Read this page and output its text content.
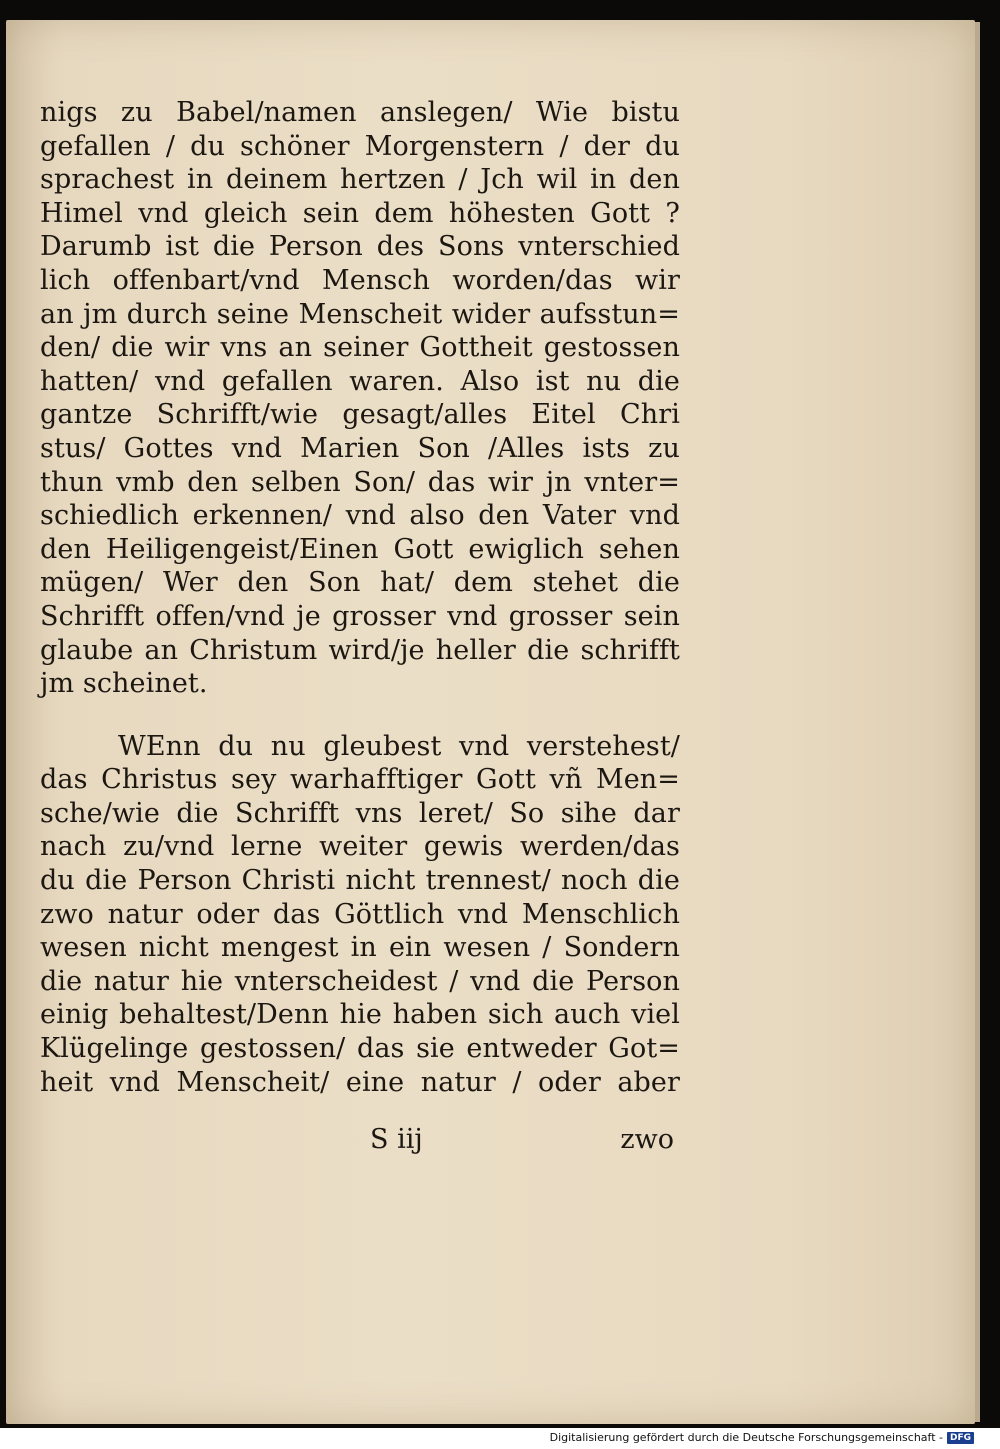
nigs zu Babel/namen anslegen/ Wie bistu
gefallen / du schöner Morgenstern / der du
sprachest in deinem hertzen / Jch wil in den
Himel vnd gleich sein dem höhesten Gott ?
Darumb ist die Person des Sons vnterschied
lich offenbart/vnd Mensch worden/das wir
an jm durch seine Menscheit wider aufsstun=
den/ die wir vns an seiner Gottheit gestossen
hatten/ vnd gefallen waren. Also ist nu die
gantze Schrifft/wie gesagt/alles Eitel Chri
stus/ Gottes vnd Marien Son /Alles ists zu
thun vmb den selben Son/ das wir jn vnter=
schiedlich erkennen/ vnd also den Vater vnd
den Heiligengeist/Einen Gott ewiglich sehen
mügen/ Wer den Son hat/ dem stehet die
Schrifft offen/vnd je grosser vnd grosser sein
glaube an Christum wird/je heller die schrifft
jm scheinet.
WEnn du nu gleubest vnd verstehest/
das Christus sey warhafftiger Gott vñ Men=
sche/wie die Schrifft vns leret/ So sihe dar
nach zu/vnd lerne weiter gewis werden/das
du die Person Christi nicht trennest/ noch die
zwo natur oder das Göttlich vnd Menschlich
wesen nicht mengest in ein wesen / Sondern
die natur hie vnterscheidest / vnd die Person
einig behaltest/Denn hie haben sich auch viel
Klügelinge gestossen/ das sie entweder Got=
heit vnd Menscheit/ eine natur / oder aber
S iij	zwo
Digitalisierung gefördert durch die Deutsche Forschungsgemeinschaft - DFG
